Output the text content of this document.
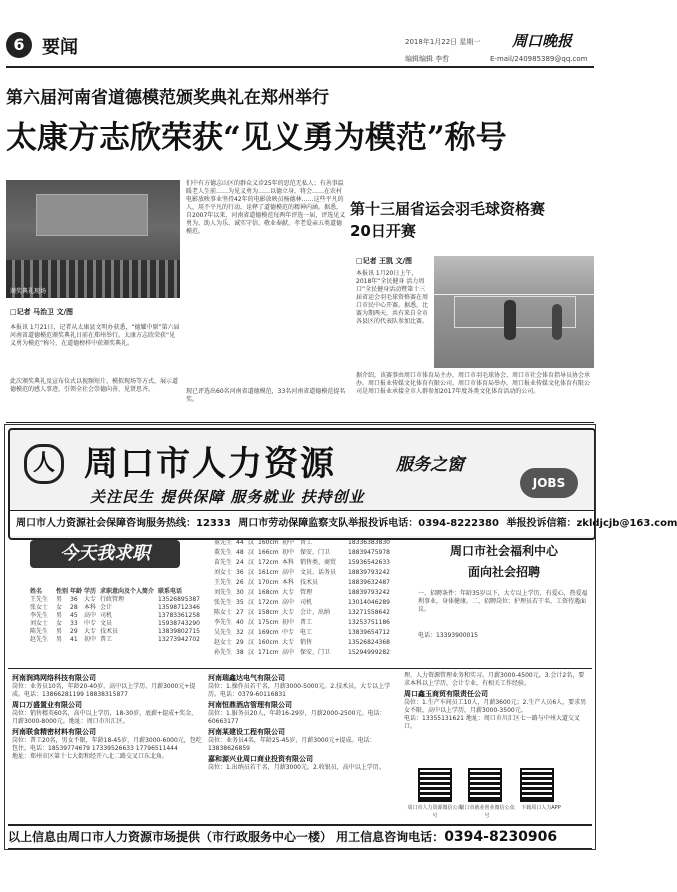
6 要闻	2018年1月22日 星期一 周口晚报
编辑编辑 李哲	E-mail/240985389@qq.com
第六届河南省道德模范颁奖典礼在郑州举行
太康方志欣荣获“见义勇为模范”称号
颁奖典礼现场
□记者 马治卫 文/图
本报讯 1月21日，记者从太康县文明办获悉，“德耀中原”第六届河南省道德模范颁奖典礼日前在郑州举行。太康方志欣荣获“见义勇为模范”称号，在道德榜样中获颁奖典礼。
此次颁奖典礼及宣布仪式以视频短片、模拟现场等方式，展示道德模范的感人事迹，引领全社会崇德向善、见贤思齐。
们中有方德志山区的群众义诊25年的思范无私人；有善事温暖老人生前……为见义勇为……以德立身，将会……在农村电影放映事业坚持42年的电影放映员杨德林……这些平凡的人，用不平凡的行动，诠释了道德模范的精神内涵。据悉，自2007年以来，河南省道德模范每两年评选一届，评选见义勇为、助人为乐、诚实守信、敬业奉献、孝老爱亲五类道德模范。
现已评选出60名河南省道德模范，33名河南省道德模范提名奖。
第十三届省运会羽毛球资格赛
20日开赛
□记者 王凯 文/图
本报讯 1月20日上午，2018年“全民健身 活力周口”全民健身活动暨第十三届省运会羽毛球资格赛在周口市民中心开赛。据悉，比赛为期两天，共有来自全市各县区的代表队参加比赛。
据介绍，该赛事由周口市体育局主办，周口市羽毛球协会、周口市社会体育指导员协会承办。周口报业传媒文化体育有限公司、周口市体育局举办，周口报业传媒文化体育有限公司是周口报业承接全市人群参加2017年度各类文化体育活动的公司。
人 周口市人力资源	服务之窗
关注民生 提供保障 服务就业 扶持创业
JOBS
周口市人力资源社会保障咨询服务热线：12333 周口市劳动保障监察支队举报投诉电话：0394-8222380 举报投诉信箱：zkldjcjb@163.com
今天我求职
姓名 性别 年龄 学历 求职意向及个人简介 联系电话
王先生 男 36 大专 行政管理	13526895387
张女士 女 28 本科 会计	13598712346
李先生 男 45 高中 司机	13783361258
刘女士 女 33 中专 文员	15938743290
陈先生 男 29 大专 技术员	13839802715
赵先生 男 41 初中 普工	13273942702
董先生 44 汉 160cm 初中 普工	18336383830
董先生 48 汉 166cm 初中 保安、门卫	18839475978
苗先生 24 汉 172cm 本科 销售类、商贸 15936542633
刘女士 36 汉 161cm 高中 文员、话务员 18839793242
王先生 26 汉 170cm 本科 技术员	18839632487
刘先生 30 汉 168cm 大专 管理	18839793242
张先生 35 汉 172cm 高中 司机	13014046289
陈女士 27 汉 158cm 大专 会计、出纳	13271558642
李先生 40 汉 175cm 初中 普工	13253751186
吴先生 32 汉 169cm 中专 电工	13839654712
赵女士 29 汉 160cm 大专 销售	13526824368
孙先生 38 汉 171cm 高中 保安、门卫	15294999282
周口市社会福利中心
面向社会招聘
一、招聘条件：年龄35岁以下，大专以上学历，有爱心，热爱福利事业，身体健康。二、招聘岗位：护理员若干名、工资待遇面议。
电话：13393900015
河南润鸿网络科技有限公司
岗位：业务员10名，年龄20-40岁，高中以上学历，月薪3000元+提成。电话：13866281199 18838315877
周口万盛置业有限公司
岗位：销售精英60名，高中以上学历，18-30岁，底薪+提成+奖金，月薪3000-8000元。地址：周口市川汇区。
河南联食精密材料有限公司
岗位：普工20名，男女不限，年龄18-45岁，月薪3000-6000元，包吃包住。电话：18539774679 17339526633 17796511444
地址：郑州市区第十七大街和经开八北二路交叉口东北角。
河南瑞鑫达电气有限公司
岗位：1.操作员若干名，月薪3000-5000元。2.技术员，大专以上学历。电话：0379-60116831
河南恒鼎酒店管理有限公司
岗位：1.服务员20人，年龄16-29岁，月薪2000-2500元。电话：60663177
河南某建设工程有限公司
岗位：业务员4名，年龄25-45岁，月薪3000元+提成。电话：13838626859
嘉和源兴业周口商业投资有限公司
岗位：1.出纳员若干名，月薪3000元。2.收银员，高中以上学历。
理、人力资源管理业务和实习。月薪3000-4500元。3.会计2名，要求本科以上学历，会计专业，有相关工作经验。
周口鑫玉商贸有限责任公司
岗位：1.生产车间员工10人，月薪3600元；2.生产人员6人，要求男女不限，高中以上学历，月薪3000-3500元。
电话：13355131621 地址：周口市川汇区七一路与中州大道交叉口。
周口市人力资源微信公众号
周口市就业创业微信公众号
下载周口人力APP
以上信息由周口市人力资源市场提供（市行政服务中心一楼） 用工信息咨询电话：0394-8230906
